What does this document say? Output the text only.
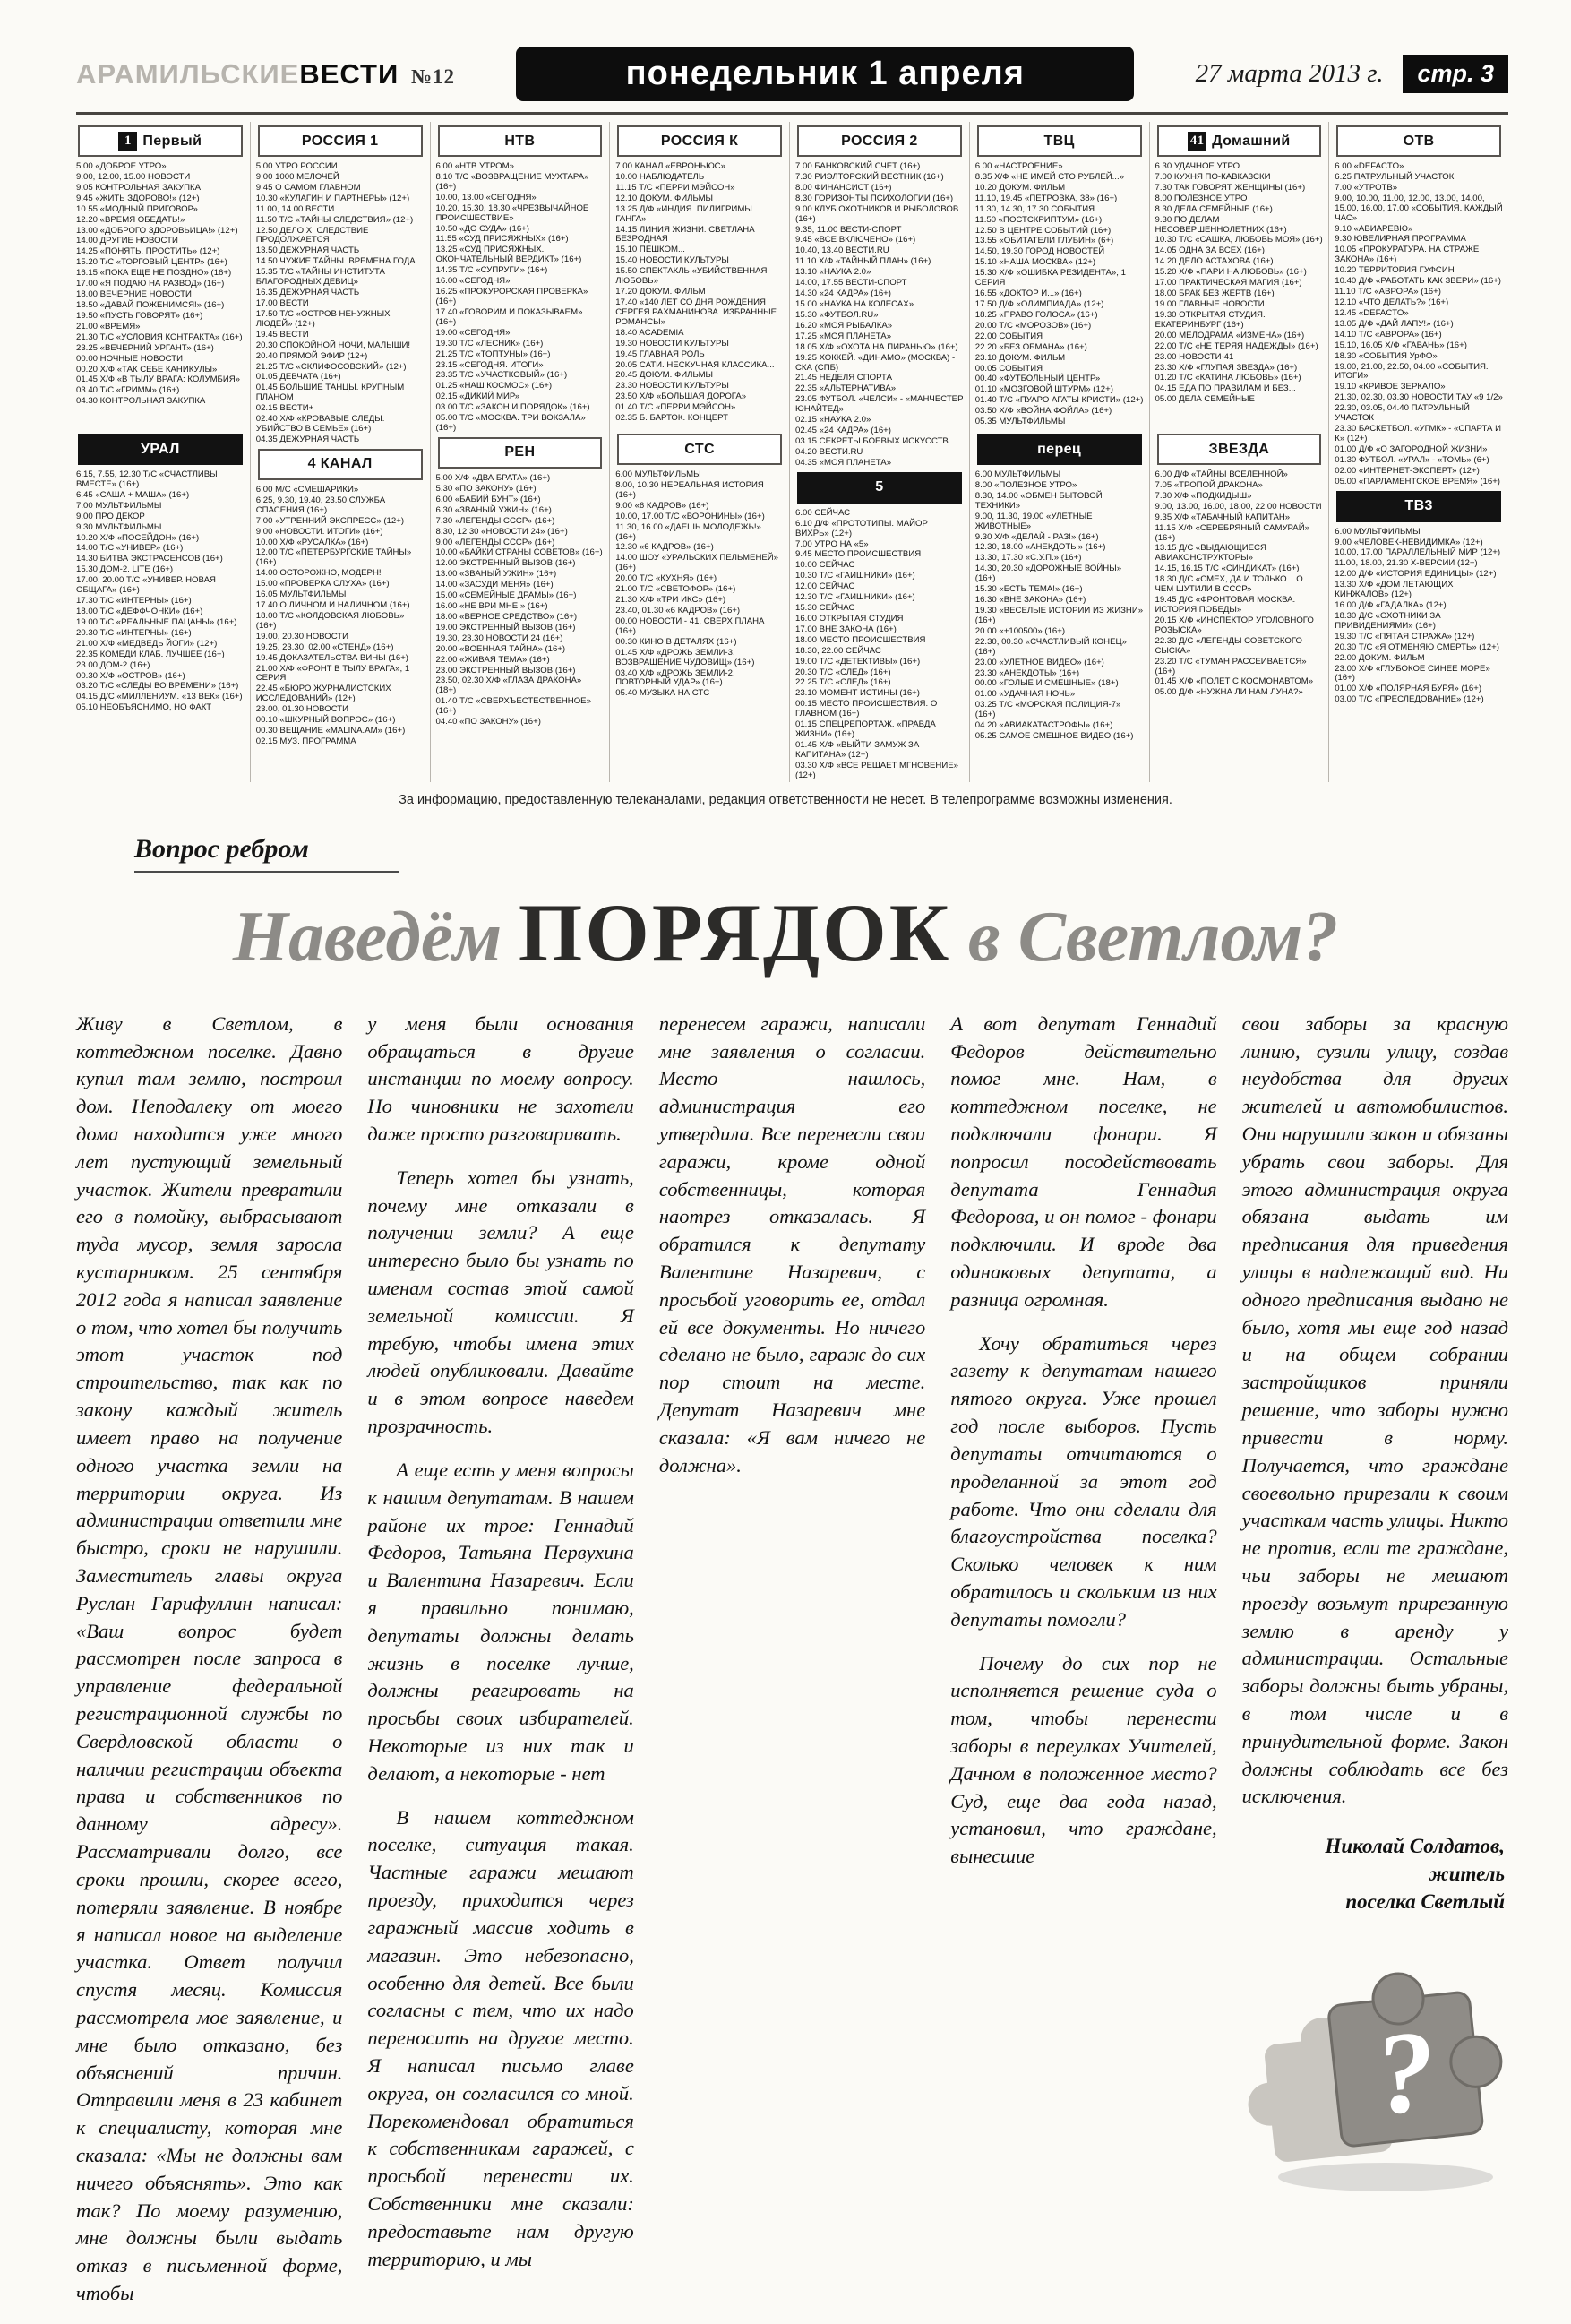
АРАМИЛЬСКИЕВЕСТИ №12	понедельник 1 апреля	27 марта 2013 г.	стр. 3
1 Первый
5.00 «ДОБРОЕ УТРО»
9.00, 12.00, 15.00 НОВОСТИ
9.05 КОНТРОЛЬНАЯ ЗАКУПКА
9.45 «ЖИТЬ ЗДОРОВО!» (12+)
10.55 «МОДНЫЙ ПРИГОВОР»
12.20 «ВРЕМЯ ОБЕДАТЬ!»
13.00 «ДОБРОГО ЗДОРОВЬИЦА!» (12+)
14.00 ДРУГИЕ НОВОСТИ
14.25 «ПОНЯТЬ. ПРОСТИТЬ» (12+)
15.20 Т/С «ТОРГОВЫЙ ЦЕНТР» (16+)
16.15 «ПОКА ЕЩЕ НЕ ПОЗДНО» (16+)
17.00 «Я ПОДАЮ НА РАЗВОД» (16+)
18.00 ВЕЧЕРНИЕ НОВОСТИ
18.50 «ДАВАЙ ПОЖЕНИМСЯ!» (16+)
19.50 «ПУСТЬ ГОВОРЯТ» (16+)
21.00 «ВРЕМЯ»
21.30 Т/С «УСЛОВИЯ КОНТРАКТА» (16+)
23.25 «ВЕЧЕРНИЙ УРГАНТ» (16+)
00.00 НОЧНЫЕ НОВОСТИ
00.20 Х/Ф «ТАК СЕБЕ КАНИКУЛЫ»
01.45 Х/Ф «В ТЫЛУ ВРАГА: КОЛУМБИЯ»
03.40 Т/С «ГРИММ» (16+)
04.30 КОНТРОЛЬНАЯ ЗАКУПКА
УРАЛ
6.15, 7.55, 12.30 Т/С «СЧАСТЛИВЫ ВМЕСТЕ» (16+)
6.45 «САША + МАША» (16+)
7.00 МУЛЬТФИЛЬМЫ
9.00 ПРО ДЕКОР
9.30 МУЛЬТФИЛЬМЫ
10.20 Х/Ф «ПОСЕЙДОН» (16+)
14.00 Т/С «УНИВЕР» (16+)
14.30 БИТВА ЭКСТРАСЕНСОВ (16+)
15.30 ДОМ-2. LITE (16+)
17.00, 20.00 Т/С «УНИВЕР. НОВАЯ ОБЩАГА» (16+)
17.30 Т/С «ИНТЕРНЫ» (16+)
18.00 Т/С «ДЕФФЧОНКИ» (16+)
19.00 Т/С «РЕАЛЬНЫЕ ПАЦАНЫ» (16+)
20.30 Т/С «ИНТЕРНЫ» (16+)
21.00 Х/Ф «МЕДВЕДЬ ЙОГИ» (12+)
22.35 КОМЕДИ КЛАБ. ЛУЧШЕЕ (16+)
23.00 ДОМ-2 (16+)
00.30 Х/Ф «ОСТРОВ» (16+)
03.20 Т/С «СЛЕДЫ ВО ВРЕМЕНИ» (16+)
04.15 Д/С «МИЛЛЕНИУМ. «13 ВЕК» (16+)
05.10 НЕОБЪЯСНИМО, НО ФАКТ
РОССИЯ 1
5.00 УТРО РОССИИ
9.00 1000 МЕЛОЧЕЙ
9.45 О САМОМ ГЛАВНОМ
10.30 «КУЛАГИН И ПАРТНЕРЫ» (12+)
11.00, 14.00 ВЕСТИ
11.50 Т/С «ТАЙНЫ СЛЕДСТВИЯ» (12+)
12.50 ДЕЛО Х. СЛЕДСТВИЕ ПРОДОЛЖАЕТСЯ
13.50 ДЕЖУРНАЯ ЧАСТЬ
14.50 ЧУЖИЕ ТАЙНЫ. ВРЕМЕНА ГОДА
15.35 Т/С «ТАЙНЫ ИНСТИТУТА БЛАГОРОДНЫХ ДЕВИЦ»
16.35 ДЕЖУРНАЯ ЧАСТЬ
17.00 ВЕСТИ
17.50 Т/С «ОСТРОВ НЕНУЖНЫХ ЛЮДЕЙ» (12+)
19.45 ВЕСТИ
20.30 СПОКОЙНОЙ НОЧИ, МАЛЫШИ!
20.40 ПРЯМОЙ ЭФИР (12+)
21.25 Т/С «СКЛИФОСОВСКИЙ» (12+)
01.05 ДЕВЧАТА (16+)
01.45 БОЛЬШИЕ ТАНЦЫ. КРУПНЫМ ПЛАНОМ
02.15 ВЕСТИ+
02.40 Х/Ф «КРОВАВЫЕ СЛЕДЫ: УБИЙСТВО В СЕМЬЕ» (16+)
04.35 ДЕЖУРНАЯ ЧАСТЬ
4 КАНАЛ
6.00 М/С «СМЕШАРИКИ»
6.25, 9.30, 19.40, 23.50 СЛУЖБА СПАСЕНИЯ (16+)
7.00 «УТРЕННИЙ ЭКСПРЕСС» (12+)
9.00 «НОВОСТИ. ИТОГИ» (16+)
10.00 Х/Ф «РУСАЛКА» (16+)
12.00 Т/С «ПЕТЕРБУРГСКИЕ ТАЙНЫ» (16+)
14.00 ОСТОРОЖНО, МОДЕРН!
15.00 «ПРОВЕРКА СЛУХА» (16+)
16.05 МУЛЬТФИЛЬМЫ
17.40 О ЛИЧНОМ И НАЛИЧНОМ (16+)
18.00 Т/С «КОЛДОВСКАЯ ЛЮБОВЬ» (16+)
19.00, 20.30 НОВОСТИ
19.25, 23.30, 02.00 «СТЕНД» (16+)
19.45 ДОКАЗАТЕЛЬСТВА ВИНЫ (16+)
21.00 Х/Ф «ФРОНТ В ТЫЛУ ВРАГА», 1 СЕРИЯ
22.45 «БЮРО ЖУРНАЛИСТСКИХ ИССЛЕДОВАНИЙ» (12+)
23.00, 01.30 НОВОСТИ
00.10 «ШКУРНЫЙ ВОПРОС» (16+)
00.30 ВЕЩАНИЕ «MALINA.AM» (16+)
02.15 МУЗ. ПРОГРАММА
НТВ
6.00 «НТВ УТРОМ»
8.10 Т/С «ВОЗВРАЩЕНИЕ МУХТАРА» (16+)
10.00, 13.00 «СЕГОДНЯ»
10.20, 15.30, 18.30 «ЧРЕЗВЫЧАЙНОЕ ПРОИСШЕСТВИЕ»
10.50 «ДО СУДА» (16+)
11.55 «СУД ПРИСЯЖНЫХ» (16+)
13.25 «СУД ПРИСЯЖНЫХ. ОКОНЧАТЕЛЬНЫЙ ВЕРДИКТ» (16+)
14.35 Т/С «СУПРУГИ» (16+)
16.00 «СЕГОДНЯ»
16.25 «ПРОКУРОРСКАЯ ПРОВЕРКА» (16+)
17.40 «ГОВОРИМ И ПОКАЗЫВАЕМ» (16+)
19.00 «СЕГОДНЯ»
19.30 Т/С «ЛЕСНИК» (16+)
21.25 Т/С «ТОПТУНЫ» (16+)
23.15 «СЕГОДНЯ. ИТОГИ»
23.35 Т/С «УЧАСТКОВЫЙ» (16+)
01.25 «НАШ КОСМОС» (16+)
02.15 «ДИКИЙ МИР»
03.00 Т/С «ЗАКОН И ПОРЯДОК» (16+)
05.00 Т/С «МОСКВА. ТРИ ВОКЗАЛА» (16+)
РЕН
5.00 Х/Ф «ДВА БРАТА» (16+)
5.30 «ПО ЗАКОНУ» (16+)
6.00 «БАБИЙ БУНТ» (16+)
6.30 «ЗВАНЫЙ УЖИН» (16+)
7.30 «ЛЕГЕНДЫ СССР» (16+)
8.30, 12.30 «НОВОСТИ 24» (16+)
9.00 «ЛЕГЕНДЫ СССР» (16+)
10.00 «БАЙКИ СТРАНЫ СОВЕТОВ» (16+)
12.00 ЭКСТРЕННЫЙ ВЫЗОВ (16+)
13.00 «ЗВАНЫЙ УЖИН» (16+)
14.00 «ЗАСУДИ МЕНЯ» (16+)
15.00 «СЕМЕЙНЫЕ ДРАМЫ» (16+)
16.00 «НЕ ВРИ МНЕ!» (16+)
18.00 «ВЕРНОЕ СРЕДСТВО» (16+)
19.00 ЭКСТРЕННЫЙ ВЫЗОВ (16+)
19.30, 23.30 НОВОСТИ 24 (16+)
20.00 «ВОЕННАЯ ТАЙНА» (16+)
22.00 «ЖИВАЯ ТЕМА» (16+)
23.00 ЭКСТРЕННЫЙ ВЫЗОВ (16+)
23.50, 02.30 Х/Ф «ГЛАЗА ДРАКОНА» (18+)
01.40 Т/С «СВЕРХЪЕСТЕСТВЕННОЕ» (16+)
04.40 «ПО ЗАКОНУ» (16+)
РОССИЯ К
7.00 КАНАЛ «ЕВРОНЬЮС»
10.00 НАБЛЮДАТЕЛЬ
11.15 Т/С «ПЕРРИ МЭЙСОН»
12.10 ДОКУМ. ФИЛЬМЫ
13.25 Д/Ф «ИНДИЯ. ПИЛИГРИМЫ ГАНГА»
14.15 ЛИНИЯ ЖИЗНИ: СВЕТЛАНА БЕЗРОДНАЯ
15.10 ПЕШКОМ...
15.40 НОВОСТИ КУЛЬТУРЫ
15.50 СПЕКТАКЛЬ «УБИЙСТВЕННАЯ ЛЮБОВЬ»
17.20 ДОКУМ. ФИЛЬМ
17.40 «140 ЛЕТ СО ДНЯ РОЖДЕНИЯ СЕРГЕЯ РАХМАНИНОВА. ИЗБРАННЫЕ РОМАНСЫ»
18.40 ACADEMIA
19.30 НОВОСТИ КУЛЬТУРЫ
19.45 ГЛАВНАЯ РОЛЬ
20.05 САТИ. НЕСКУЧНАЯ КЛАССИКА...
20.45 ДОКУМ. ФИЛЬМЫ
23.30 НОВОСТИ КУЛЬТУРЫ
23.50 Х/Ф «БОЛЬШАЯ ДОРОГА»
01.40 Т/С «ПЕРРИ МЭЙСОН»
02.35 Б. БАРТОК. КОНЦЕРТ
СТС
6.00 МУЛЬТФИЛЬМЫ
8.00, 10.30 НЕРЕАЛЬНАЯ ИСТОРИЯ (16+)
9.00 «6 КАДРОВ» (16+)
10.00, 17.00 Т/С «ВОРОНИНЫ» (16+)
11.30, 16.00 «ДАЕШЬ МОЛОДЕЖЬ!» (16+)
12.30 «6 КАДРОВ» (16+)
14.00 ШОУ «УРАЛЬСКИХ ПЕЛЬМЕНЕЙ» (16+)
20.00 Т/С «КУХНЯ» (16+)
21.00 Т/С «СВЕТОФОР» (16+)
21.30 Х/Ф «ТРИ ИКС» (16+)
23.40, 01.30 «6 КАДРОВ» (16+)
00.00 НОВОСТИ - 41. СВЕРХ ПЛАНА (16+)
00.30 КИНО В ДЕТАЛЯХ (16+)
01.45 Х/Ф «ДРОЖЬ ЗЕМЛИ-3. ВОЗВРАЩЕНИЕ ЧУДОВИЩ» (16+)
03.40 Х/Ф «ДРОЖЬ ЗЕМЛИ-2. ПОВТОРНЫЙ УДАР» (16+)
05.40 МУЗЫКА НА СТС
РОССИЯ 2
7.00 БАНКОВСКИЙ СЧЕТ (16+)
7.30 РИЭЛТОРСКИЙ ВЕСТНИК (16+)
8.00 ФИНАНСИСТ (16+)
8.30 ГОРИЗОНТЫ ПСИХОЛОГИИ (16+)
9.00 КЛУБ ОХОТНИКОВ И РЫБОЛОВОВ (16+)
9.35, 11.00 ВЕСТИ-СПОРТ
9.45 «ВСЕ ВКЛЮЧЕНО» (16+)
10.40, 13.40 ВЕСТИ.RU
11.10 Х/Ф «ТАЙНЫЙ ПЛАН» (16+)
13.10 «НАУКА 2.0»
14.00, 17.55 ВЕСТИ-СПОРТ
14.30 «24 КАДРА» (16+)
15.00 «НАУКА НА КОЛЕСАХ»
15.30 «ФУТБОЛ.RU»
16.20 «МОЯ РЫБАЛКА»
17.25 «МОЯ ПЛАНЕТА»
18.05 Х/Ф «ОХОТА НА ПИРАНЬЮ» (16+)
19.25 ХОККЕЙ. «ДИНАМО» (МОСКВА) - СКА (СПБ)
21.45 НЕДЕЛЯ СПОРТА
22.35 «АЛЬТЕРНАТИВА»
23.05 ФУТБОЛ. «ЧЕЛСИ» - «МАНЧЕСТЕР ЮНАЙТЕД»
02.15 «НАУКА 2.0»
02.45 «24 КАДРА» (16+)
03.15 СЕКРЕТЫ БОЕВЫХ ИСКУССТВ
04.20 ВЕСТИ.RU
04.35 «МОЯ ПЛАНЕТА»
5
6.00 СЕЙЧАС
6.10 Д/Ф «ПРОТОТИПЫ. МАЙОР ВИХРЬ» (12+)
7.00 УТРО НА «5»
9.45 МЕСТО ПРОИСШЕСТВИЯ
10.00 СЕЙЧАС
10.30 Т/С «ГАИШНИКИ» (16+)
12.00 СЕЙЧАС
12.30 Т/С «ГАИШНИКИ» (16+)
15.30 СЕЙЧАС
16.00 ОТКРЫТАЯ СТУДИЯ
17.00 ВНЕ ЗАКОНА (16+)
18.00 МЕСТО ПРОИСШЕСТВИЯ
18.30, 22.00 СЕЙЧАС
19.00 Т/С «ДЕТЕКТИВЫ» (16+)
20.30 Т/С «СЛЕД» (16+)
22.25 Т/С «СЛЕД» (16+)
23.10 МОМЕНТ ИСТИНЫ (16+)
00.15 МЕСТО ПРОИСШЕСТВИЯ. О ГЛАВНОМ (16+)
01.15 СПЕЦРЕПОРТАЖ. «ПРАВДА ЖИЗНИ» (16+)
01.45 Х/Ф «ВЫЙТИ ЗАМУЖ ЗА КАПИТАНА» (12+)
03.30 Х/Ф «ВСЕ РЕШАЕТ МГНОВЕНИЕ» (12+)
ТВЦ
6.00 «НАСТРОЕНИЕ»
8.35 Х/Ф «НЕ ИМЕЙ СТО РУБЛЕЙ...»
10.20 ДОКУМ. ФИЛЬМ
11.10, 19.45 «ПЕТРОВКА, 38» (16+)
11.30, 14.30, 17.30 СОБЫТИЯ
11.50 «ПОСТСКРИПТУМ» (16+)
12.50 В ЦЕНТРЕ СОБЫТИЙ (16+)
13.55 «ОБИТАТЕЛИ ГЛУБИН» (6+)
14.50, 19.30 ГОРОД НОВОСТЕЙ
15.10 «НАША МОСКВА» (12+)
15.30 Х/Ф «ОШИБКА РЕЗИДЕНТА», 1 СЕРИЯ
16.55 «ДОКТОР И...» (16+)
17.50 Д/Ф «ОЛИМПИАДА» (12+)
18.25 «ПРАВО ГОЛОСА» (16+)
20.00 Т/С «МОРОЗОВ» (16+)
22.00 СОБЫТИЯ
22.20 «БЕЗ ОБМАНА» (16+)
23.10 ДОКУМ. ФИЛЬМ
00.05 СОБЫТИЯ
00.40 «ФУТБОЛЬНЫЙ ЦЕНТР»
01.10 «МОЗГОВОЙ ШТУРМ» (12+)
01.40 Т/С «ПУАРО АГАТЫ КРИСТИ» (12+)
03.50 Х/Ф «ВОЙНА ФОЙЛА» (16+)
05.35 МУЛЬТФИЛЬМЫ
перец
6.00 МУЛЬТФИЛЬМЫ
8.00 «ПОЛЕЗНОЕ УТРО»
8.30, 14.00 «ОБМЕН БЫТОВОЙ ТЕХНИКИ»
9.00, 11.30, 19.00 «УЛЕТНЫЕ ЖИВОТНЫЕ»
9.30 Х/Ф «ДЕЛАЙ - РАЗ!» (16+)
12.30, 18.00 «АНЕКДОТЫ» (16+)
13.30, 17.30 «С.У.П.» (16+)
14.30, 20.30 «ДОРОЖНЫЕ ВОЙНЫ» (16+)
15.30 «ЕСТЬ ТЕМА!» (16+)
16.30 «ВНЕ ЗАКОНА» (16+)
19.30 «ВЕСЕЛЫЕ ИСТОРИИ ИЗ ЖИЗНИ» (16+)
20.00 «+100500» (16+)
22.30, 00.30 «СЧАСТЛИВЫЙ КОНЕЦ» (16+)
23.00 «УЛЕТНОЕ ВИДЕО» (16+)
23.30 «АНЕКДОТЫ» (16+)
00.00 «ГОЛЫЕ И СМЕШНЫЕ» (18+)
01.00 «УДАЧНАЯ НОЧЬ»
03.25 Т/С «МОРСКАЯ ПОЛИЦИЯ-7» (16+)
04.20 «АВИАКАТАСТРОФЫ» (16+)
05.25 САМОЕ СМЕШНОЕ ВИДЕО (16+)
41 Домашний
6.30 УДАЧНОЕ УТРО
7.00 КУХНЯ ПО-КАВКАЗСКИ
7.30 ТАК ГОВОРЯТ ЖЕНЩИНЫ (16+)
8.00 ПОЛЕЗНОЕ УТРО
8.30 ДЕЛА СЕМЕЙНЫЕ (16+)
9.30 ПО ДЕЛАМ НЕСОВЕРШЕННОЛЕТНИХ (16+)
10.30 Т/С «САШКА, ЛЮБОВЬ МОЯ» (16+)
14.05 ОДНА ЗА ВСЕХ (16+)
14.20 ДЕЛО АСТАХОВА (16+)
15.20 Х/Ф «ПАРИ НА ЛЮБОВЬ» (16+)
17.00 ПРАКТИЧЕСКАЯ МАГИЯ (16+)
18.00 БРАК БЕЗ ЖЕРТВ (16+)
19.00 ГЛАВНЫЕ НОВОСТИ
19.30 ОТКРЫТАЯ СТУДИЯ. ЕКАТЕРИНБУРГ (16+)
20.00 МЕЛОДРАМА «ИЗМЕНА» (16+)
22.00 Т/С «НЕ ТЕРЯЯ НАДЕЖДЫ» (16+)
23.00 НОВОСТИ-41
23.30 Х/Ф «ГЛУПАЯ ЗВЕЗДА» (16+)
01.20 Т/С «КАТИНА ЛЮБОВЬ» (16+)
04.15 ЕДА ПО ПРАВИЛАМ И БЕЗ...
05.00 ДЕЛА СЕМЕЙНЫЕ
ЗВЕЗДА
6.00 Д/Ф «ТАЙНЫ ВСЕЛЕННОЙ»
7.05 «ТРОПОЙ ДРАКОНА»
7.30 Х/Ф «ПОДКИДЫШ»
9.00, 13.00, 16.00, 18.00, 22.00 НОВОСТИ
9.35 Х/Ф «ТАБАЧНЫЙ КАПИТАН»
11.15 Х/Ф «СЕРЕБРЯНЫЙ САМУРАЙ» (16+)
13.15 Д/С «ВЫДАЮЩИЕСЯ АВИАКОНСТРУКТОРЫ»
14.15, 16.15 Т/С «СИНДИКАТ» (16+)
18.30 Д/С «СМЕХ, ДА И ТОЛЬКО... О ЧЕМ ШУТИЛИ В СССР»
19.45 Д/С «ФРОНТОВАЯ МОСКВА. ИСТОРИЯ ПОБЕДЫ»
20.15 Х/Ф «ИНСПЕКТОР УГОЛОВНОГО РОЗЫСКА»
22.30 Д/С «ЛЕГЕНДЫ СОВЕТСКОГО СЫСКА»
23.20 Т/С «ТУМАН РАССЕИВАЕТСЯ» (16+)
01.45 Х/Ф «ПОЛЕТ С КОСМОНАВТОМ»
05.00 Д/Ф «НУЖНА ЛИ НАМ ЛУНА?»
ОТВ
6.00 «DEFACTO»
6.25 ПАТРУЛЬНЫЙ УЧАСТОК
7.00 «УТРОТВ»
9.00, 10.00, 11.00, 12.00, 13.00, 14.00, 15.00, 16.00, 17.00 «СОБЫТИЯ. КАЖДЫЙ ЧАС»
9.10 «АВИАРЕВЮ»
9.30 ЮВЕЛИРНАЯ ПРОГРАММА
10.05 «ПРОКУРАТУРА. НА СТРАЖЕ ЗАКОНА» (16+)
10.20 ТЕРРИТОРИЯ ГУФСИН
10.40 Д/Ф «РАБОТАТЬ КАК ЗВЕРИ» (16+)
11.10 Т/С «АВРОРА» (16+)
12.10 «ЧТО ДЕЛАТЬ?» (16+)
12.45 «DEFACTO»
13.05 Д/Ф «ДАЙ ЛАПУ!» (16+)
14.10 Т/С «АВРОРА» (16+)
15.10, 16.05 Х/Ф «ГАВАНЬ» (16+)
18.30 «СОБЫТИЯ УрФО»
19.00, 21.00, 22.50, 04.00 «СОБЫТИЯ. ИТОГИ»
19.10 «КРИВОЕ ЗЕРКАЛО»
21.30, 02.30, 03.30 НОВОСТИ ТАУ «9 1/2»
22.30, 03.05, 04.40 ПАТРУЛЬНЫЙ УЧАСТОК
23.30 БАСКЕТБОЛ. «УГМК» - «СПАРТА И К» (12+)
01.00 Д/Ф «О ЗАГОРОДНОЙ ЖИЗНИ»
01.30 ФУТБОЛ. «УРАЛ» - «ТОМЬ» (6+)
02.00 «ИНТЕРНЕТ-ЭКСПЕРТ» (12+)
05.00 «ПАРЛАМЕНТСКОЕ ВРЕМЯ» (16+)
ТВ3
6.00 МУЛЬТФИЛЬМЫ
9.00 «ЧЕЛОВЕК-НЕВИДИМКА» (12+)
10.00, 17.00 ПАРАЛЛЕЛЬНЫЙ МИР (12+)
11.00, 18.00, 21.30 Х-ВЕРСИИ (12+)
12.00 Д/Ф «ИСТОРИЯ ЕДИНИЦЫ» (12+)
13.30 Х/Ф «ДОМ ЛЕТАЮЩИХ КИНЖАЛОВ» (12+)
16.00 Д/Ф «ГАДАЛКА» (12+)
18.30 Д/С «ОХОТНИКИ ЗА ПРИВИДЕНИЯМИ» (16+)
19.30 Т/С «ПЯТАЯ СТРАЖА» (12+)
20.30 Т/С «Я ОТМЕНЯЮ СМЕРТЬ» (12+)
22.00 ДОКУМ. ФИЛЬМ
23.00 Х/Ф «ГЛУБОКОЕ СИНЕЕ МОРЕ» (16+)
01.00 Х/Ф «ПОЛЯРНАЯ БУРЯ» (16+)
03.00 Т/С «ПРЕСЛЕДОВАНИЕ» (12+)
За информацию, предоставленную телеканалами, редакция ответственности не несет. В телепрограмме возможны изменения.
Вопрос ребром
Наведём ПОРЯДОК в Светлом?

Живу в Светлом, в коттеджном поселке. Давно купил там землю, построил дом. Неподалеку от моего дома находится уже много лет пустующий земельный участок. Жители превратили его в помойку, выбрасывают туда мусор, земля заросла кустарником. 25 сентября 2012 года я написал заявление о том, что хотел бы получить этот участок под строительство, так как по закону каждый житель имеет право на получение одного участка земли на территории округа. Из администрации ответили мне быстро, сроки не нарушили. Заместитель главы округа Руслан Гарифуллин написал: «Ваш вопрос будет рассмотрен после запроса в управление федеральной регистрационной службы по Свердловской области о наличии регистрации объекта права и собственников по данному адресу». Рассматривали долго, все сроки прошли, скорее всего, потеряли заявление. В ноябре я написал новое на выделение участка. Ответ получил спустя месяц. Комиссия рассмотрела мое заявление, и мне было отказано, без объяснений причин. Отправили меня в 23 кабинет к специалисту, которая мне сказала: «Мы не должны вам ничего объяснять». Это как так? По моему разумению, мне должны были выдать отказ в письменной форме, чтобы

у меня были основания обращаться в другие инстанции по моему вопросу. Но чиновники не захотели даже просто разговаривать.

Теперь хотел бы узнать, почему мне отказали в получении земли? А еще интересно было бы узнать по именам состав этой самой земельной комиссии. Я требую, чтобы имена этих людей опубликовали. Давайте и в этом вопросе наведем прозрачность.

А еще есть у меня вопросы к нашим депутатам. В нашем районе их трое: Геннадий Федоров, Татьяна Первухина и Валентина Назаревич. Если я правильно понимаю, депутаты должны делать жизнь в поселке лучше, должны реагировать на просьбы своих избирателей. Некоторые из них так и делают, а некоторые - нет

В нашем коттеджном поселке, ситуация такая. Частные гаражи мешают проезду, приходится через гаражный массив ходить в магазин. Это небезопасно, особенно для детей. Все были согласны с тем, что их надо переносить на другое место. Я написал письмо главе округа, он согласился со мной. Порекомендовал обратиться к собственникам гаражей, с просьбой перенести их. Собственники мне сказали: предоставьте нам другую территорию, и мы

перенесем гаражи, написали мне заявления о согласии. Место нашлось, администрация его утвердила. Все перенесли свои гаражи, кроме одной собственницы, которая наотрез отказалась. Я обратился к депутату Валентине Назаревич, с просьбой уговорить ее, отдал ей все документы. Но ничего сделано не было, гараж до сих пор стоит на месте. Депутат Назаревич мне сказала: «Я вам ничего не должна».

А вот депутат Геннадий Федоров действительно помог мне. Нам, в коттеджном поселке, не подключали фонари. Я попросил посодействовать депутата Геннадия Федорова, и он помог - фонари подключили. И вроде два одинаковых депутата, а разница огромная.

Хочу обратиться через газету к депутатам нашего пятого округа. Уже прошел год после выборов. Пусть депутаты отчитаются о проделанной за этот год работе. Что они сделали для благоустройства поселка? Сколько человек к ним обратилось и скольким из них депутаты помогли?

Почему до сих пор не исполняется решение суда о том, чтобы перенести заборы в переулках Учителей, Дачном в положенное место? Суд, еще два года назад, установил, что граждане, вынесшие

свои заборы за красную линию, сузили улицу, создав неудобства для других жителей и автомобилистов. Они нарушили закон и обязаны убрать свои заборы. Для этого администрация округа обязана выдать им предписания для приведения улицы в надлежащий вид. Ни одного предписания выдано не было, хотя мы еще год назад и на общем собрании застройщиков приняли решение, что заборы нужно привести в норму. Получается, что граждане своевольно прирезали к своим участкам часть улицы. Никто не против, если те граждане, чьи заборы не мешают проезду возьмут прирезанную землю в аренду у администрации. Остальные заборы должны быть убраны, в том числе и в принудительной форме. Закон должны соблюдать все без исключения.

Николай Солдатов, житель
поселка Светлый
?
